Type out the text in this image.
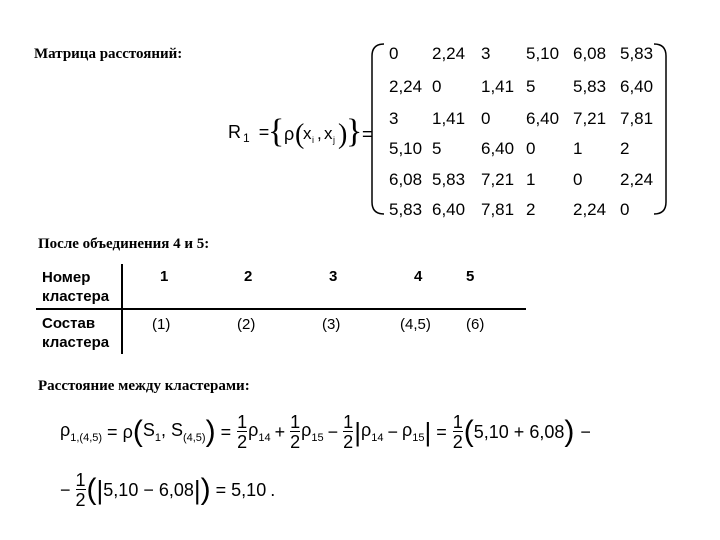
Матрица расстояний:
R $_1$ =
{ ρ (
x i , x j )
} =
0 2,24 3 5,10 6,08 5,83
2,24 0 1,41 5 5,83 6,40
3 1,41 0 6,40 7,21 7,81
5,10 5 6,40 0 1 2
6,08 5,83 7,21 1 0 2,24
5,83 6,40 7,81 2 2,24 0
После объединения 4 и 5:
Номер
кластера
Состав
кластера
1	2	3	4	5
(1)	(2)	(3)	(4,5) (6)
Расстояние между кластерами:
$\rho_{1,(4,5)} = \rho$ ( $S_1$, $S_{(4,5)}$ ) = $\frac{1}{2} \rho_{14} + \frac{1}{2} \rho_{15} - \frac{1}{2}$ | $\rho_{14} - \rho_{15}$ | = $\frac{1}{2}$ ( 5,10 + 6,08 ) −
− $\frac{1}{2}$ ( | 5,10 − 6,08 | ) = 5,10 .
